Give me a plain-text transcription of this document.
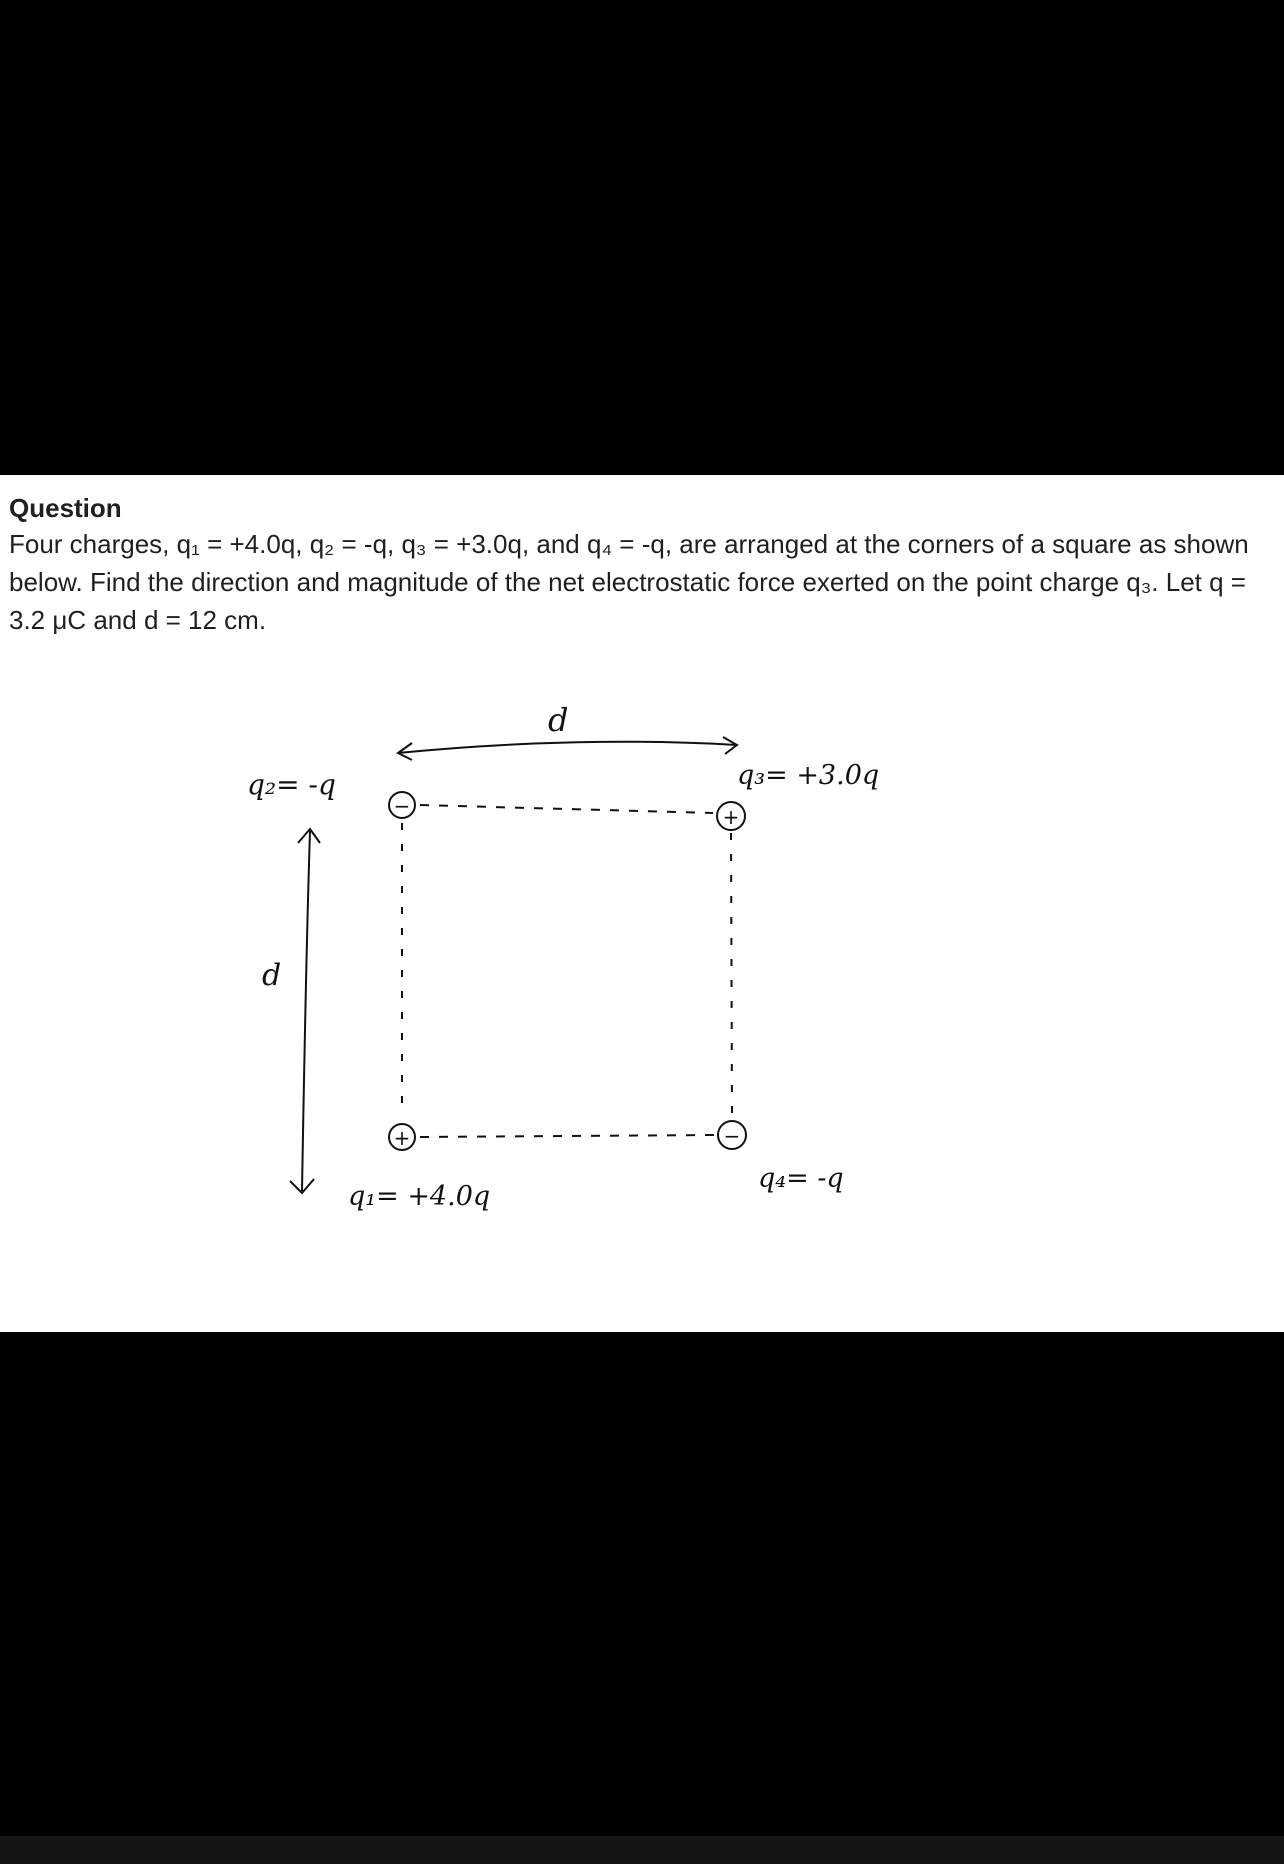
Question

Four charges, q₁ = +4.0q, q₂ = -q, q₃ = +3.0q, and q₄ = -q, are arranged at the corners of a square as shown below. Find the direction and magnitude of the net electrostatic force exerted on the point charge q₃. Let q = 3.2 μC and d = 12 cm.

d
d
−	+
+	−
q₂= -q	q₃= +3.0q
q₁= +4.0q
q₄= -q
